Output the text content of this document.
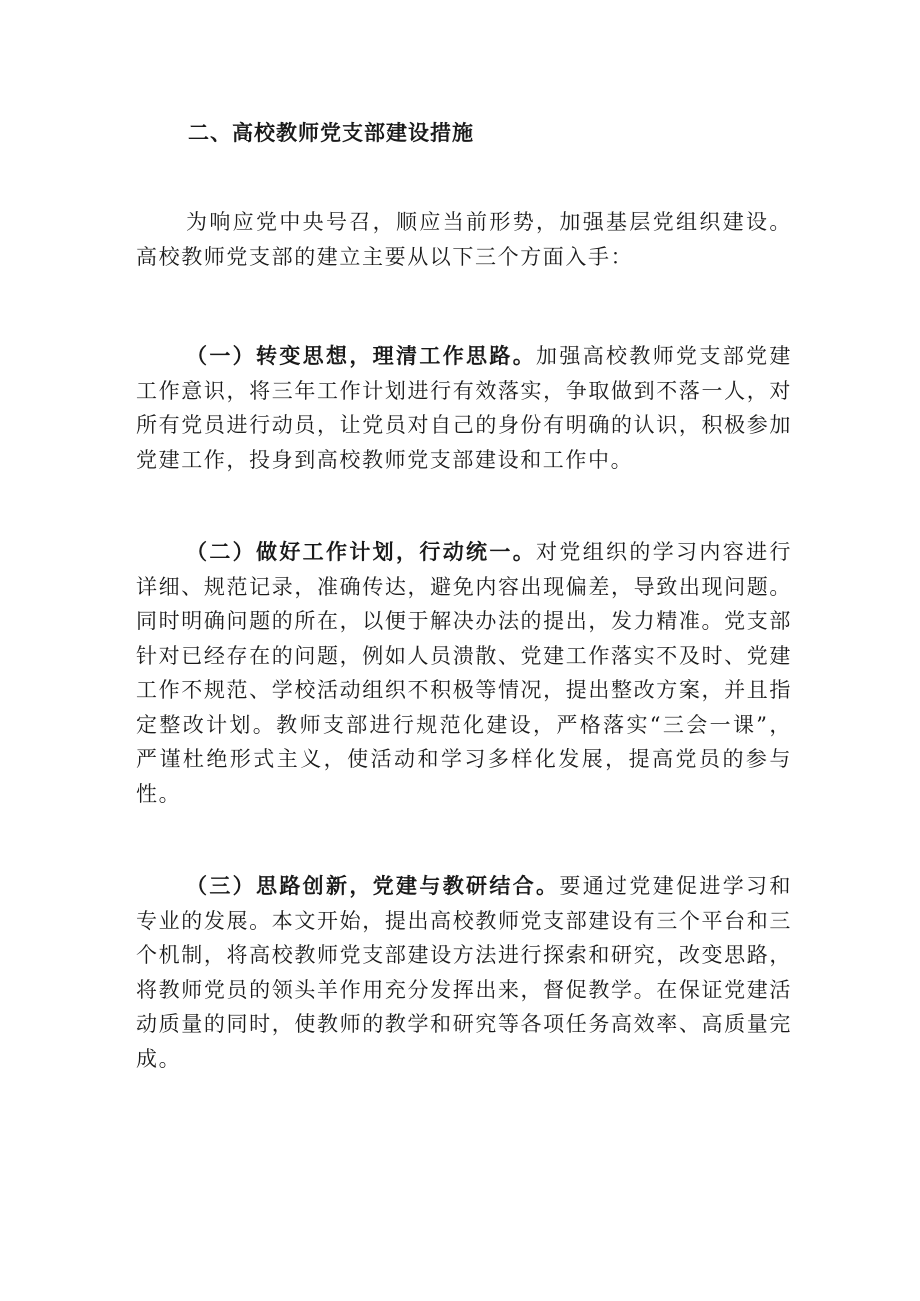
二、高校教师党支部建设措施

为响应党中央号召，顺应当前形势，加强基层党组织建设。高校教师党支部的建立主要从以下三个方面入手：

（一）转变思想，理清工作思路。加强高校教师党支部党建工作意识，将三年工作计划进行有效落实，争取做到不落一人，对所有党员进行动员，让党员对自己的身份有明确的认识，积极参加党建工作，投身到高校教师党支部建设和工作中。

（二）做好工作计划，行动统一。对党组织的学习内容进行详细、规范记录，准确传达，避免内容出现偏差，导致出现问题。同时明确问题的所在，以便于解决办法的提出，发力精准。党支部针对已经存在的问题，例如人员溃散、党建工作落实不及时、党建工作不规范、学校活动组织不积极等情况，提出整改方案，并且指定整改计划。教师支部进行规范化建设，严格落实“三会一课”，严谨杜绝形式主义，使活动和学习多样化发展，提高党员的参与性。

（三）思路创新，党建与教研结合。要通过党建促进学习和专业的发展。本文开始，提出高校教师党支部建设有三个平台和三个机制，将高校教师党支部建设方法进行探索和研究，改变思路，将教师党员的领头羊作用充分发挥出来，督促教学。在保证党建活动质量的同时，使教师的教学和研究等各项任务高效率、高质量完成。
